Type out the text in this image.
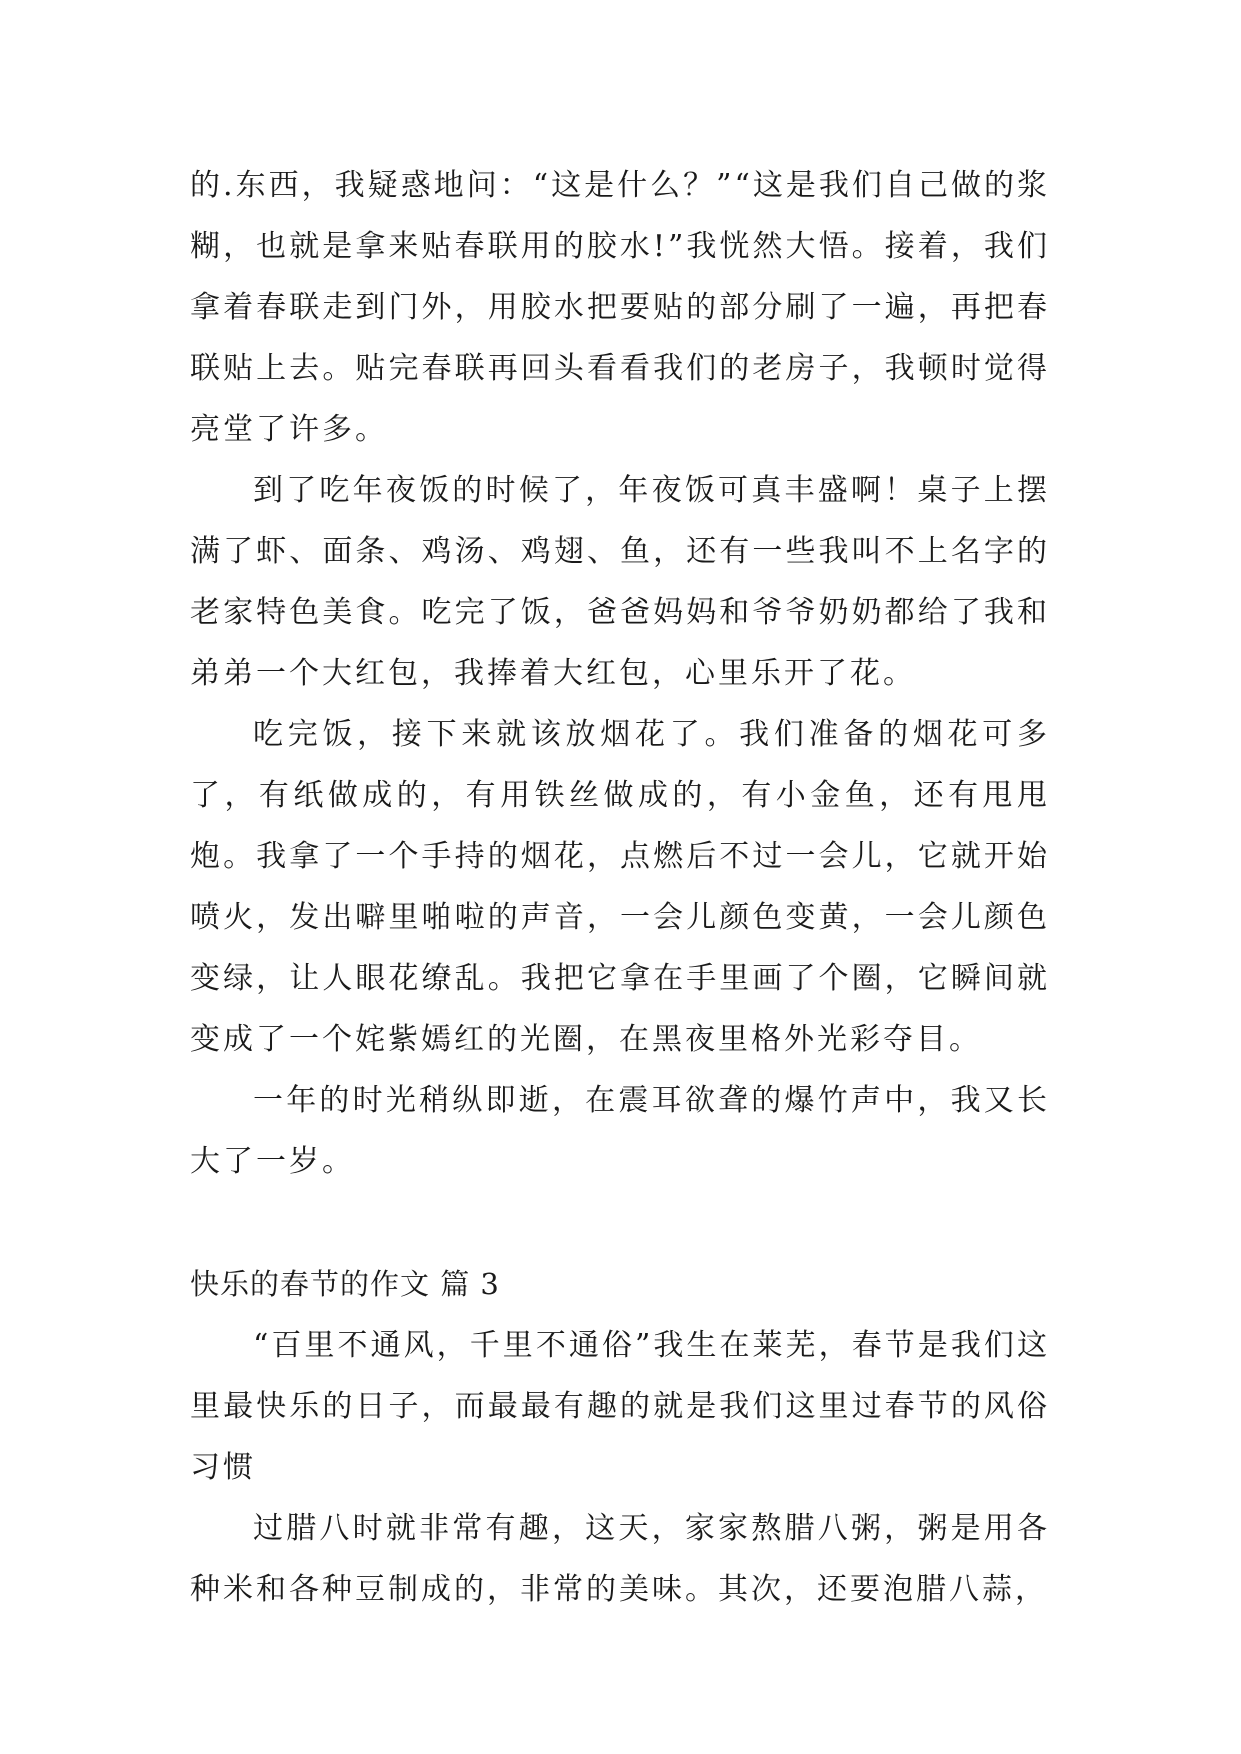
的.东西，我疑惑地问：“这是什么？”“这是我们自己做的浆糊，也就是拿来贴春联用的胶水!”我恍然大悟。接着，我们拿着春联走到门外，用胶水把要贴的部分刷了一遍，再把春联贴上去。贴完春联再回头看看我们的老房子，我顿时觉得亮堂了许多。

到了吃年夜饭的时候了，年夜饭可真丰盛啊！桌子上摆满了虾、面条、鸡汤、鸡翅、鱼，还有一些我叫不上名字的老家特色美食。吃完了饭，爸爸妈妈和爷爷奶奶都给了我和弟弟一个大红包，我捧着大红包，心里乐开了花。

吃完饭，接下来就该放烟花了。我们准备的烟花可多了，有纸做成的，有用铁丝做成的，有小金鱼，还有甩甩炮。我拿了一个手持的烟花，点燃后不过一会儿，它就开始喷火，发出噼里啪啦的声音，一会儿颜色变黄，一会儿颜色变绿，让人眼花缭乱。我把它拿在手里画了个圈，它瞬间就变成了一个姹紫嫣红的光圈，在黑夜里格外光彩夺目。

一年的时光稍纵即逝，在震耳欲聋的爆竹声中，我又长大了一岁。

快乐的春节的作文 篇 3

“百里不通风，千里不通俗”我生在莱芜，春节是我们这里最快乐的日子，而最最有趣的就是我们这里过春节的风俗习惯

过腊八时就非常有趣，这天，家家熬腊八粥，粥是用各种米和各种豆制成的，非常的美味。其次，还要泡腊八蒜，
